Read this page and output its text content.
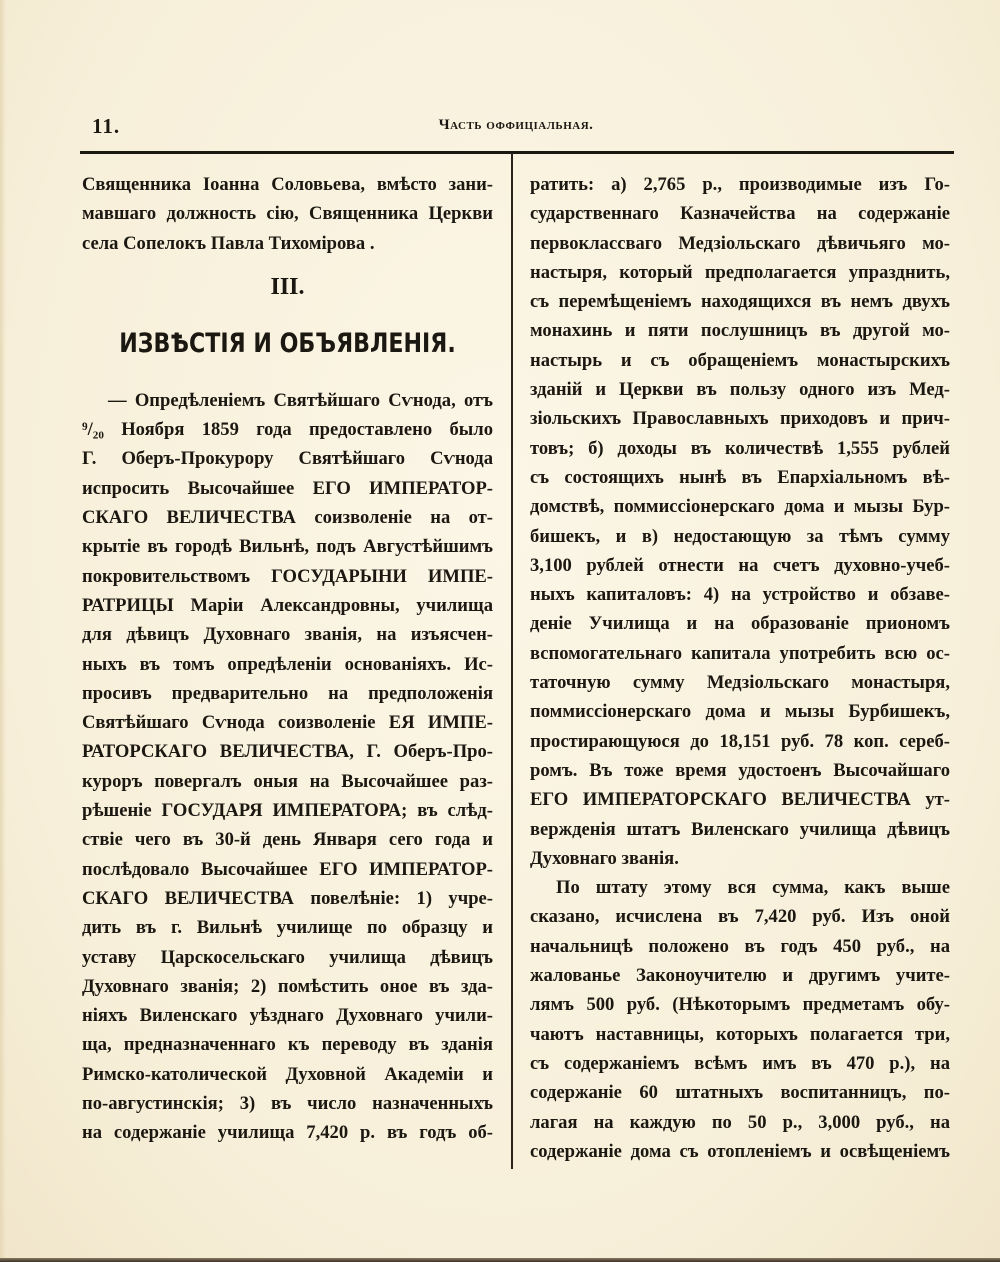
11.	Часть оффиціальная.
Священника Іоанна Соловьева, вмѣсто зани-
мавшаго должность сію, Священника Церкви
села Сопелокъ Павла Тихомірова .
III.
ИЗВѢСТІЯ И ОБЪЯВЛЕНІЯ.
— Опредѣленіемъ Святѣйшаго Сѵнода, отъ
⁹/₂₀ Ноября 1859 года предоставлено было
Г. Оберъ-Прокурору Святѣйшаго Сѵнода
испросить Высочайшее ЕГО ИМПЕРАТОР-
СКАГО ВЕЛИЧЕСТВА соизволеніе на от-
крытіе въ городѣ Вильнѣ, подъ Августѣйшимъ
покровительствомъ ГОСУДАРЫНИ ИМПЕ-
РАТРИЦЫ Маріи Александровны, училища
для дѣвицъ Духовнаго званія, на изъясчен-
ныхъ въ томъ опредѣленіи основаніяхъ. Ис-
просивъ предварительно на предположенія
Святѣйшаго Сѵнода соизволеніе ЕЯ ИМПЕ-
РАТОРСКАГО ВЕЛИЧЕСТВА, Г. Оберъ-Про-
куроръ повергалъ оныя на Высочайшее раз-
рѣшеніе ГОСУДАРЯ ИМПЕРАТОРА; въ слѣд-
ствіе чего въ 30-й день Января сего года и
послѣдовало Высочайшее ЕГО ИМПЕРАТОР-
СКАГО ВЕЛИЧЕСТВА повелѣніе: 1) учре-
дить въ г. Вильнѣ училище по образцу и
уставу Царскосельскаго училища дѣвицъ
Духовнаго званія; 2) помѣстить оное въ зда-
ніяхъ Виленскаго уѣзднаго Духовнаго учили-
ща, предназначеннаго къ переводу въ зданія
Римско-католической Духовной Академіи и
по-августинскія; 3) въ число назначенныхъ
на содержаніе училища 7,420 р. въ годъ об-
ратить: а) 2,765 р., производимые изъ Го-
сударственнаго Казначейства на содержаніе
первоклассваго Медзіольскаго дѣвичьяго мо-
настыря, который предполагается упразднить,
съ перемѣщеніемъ находящихся въ немъ двухъ
монахинь и пяти послушницъ въ другой мо-
настырь и съ обращеніемъ монастырскихъ
зданій и Церкви въ пользу одного изъ Мед-
зіольскихъ Православныхъ приходовъ и прич-
товъ; б) доходы въ количествѣ 1,555 рублей
съ состоящихъ нынѣ въ Епархіальномъ вѣ-
домствѣ, поммиссіонерскаго дома и мызы Бур-
бишекъ, и в) недостающую за тѣмъ сумму
3,100 рублей отнести на счетъ духовно-учеб-
ныхъ капиталовъ: 4) на устройство и обзаве-
деніе Училища и на образованіе приономъ
вспомогательнаго капитала употребить всю ос-
таточную сумму Медзіольскаго монастыря,
поммиссіонерскаго дома и мызы Бурбишекъ,
простирающуюся до 18,151 руб. 78 коп. сереб-
ромъ. Въ тоже время удостоенъ Высочайшаго
ЕГО ИМПЕРАТОРСКАГО ВЕЛИЧЕСТВА ут-
вержденія штатъ Виленскаго училища дѣвицъ
Духовнаго званія.
По штату этому вся сумма, какъ выше
сказано, исчислена въ 7,420 руб. Изъ оной
начальницѣ положено въ годъ 450 руб., на
жалованье Законоучителю и другимъ учите-
лямъ 500 руб. (Нѣкоторымъ предметамъ обу-
чаютъ наставницы, которыхъ полагается три,
съ содержаніемъ всѣмъ имъ въ 470 р.), на
содержаніе 60 штатныхъ воспитанницъ, по-
лагая на каждую по 50 р., 3,000 руб., на
содержаніе дома съ отопленіемъ и освѣщеніемъ
